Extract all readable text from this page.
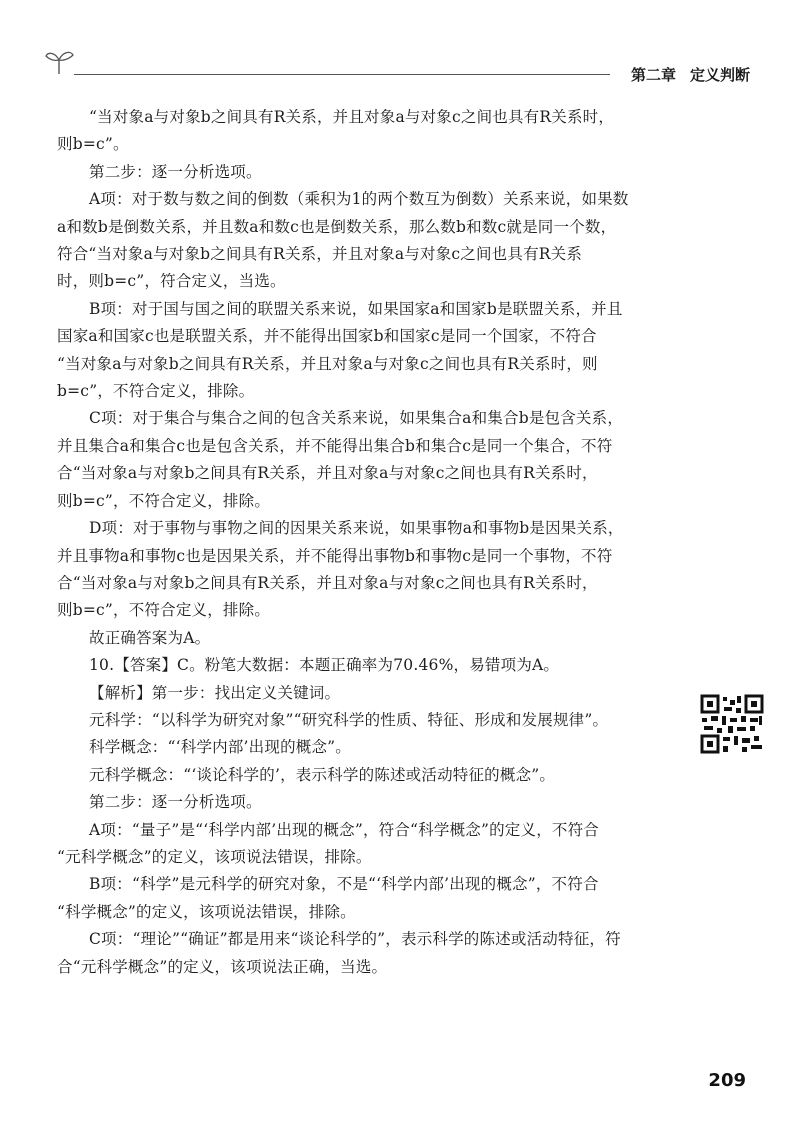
第二章 定义判断

“当对象a与对象b之间具有R关系，并且对象a与对象c之间也具有R关系时，

则b=c”。

第二步：逐一分析选项。

A项：对于数与数之间的倒数（乘积为1的两个数互为倒数）关系来说，如果数

a和数b是倒数关系，并且数a和数c也是倒数关系，那么数b和数c就是同一个数，

符合“当对象a与对象b之间具有R关系，并且对象a与对象c之间也具有R关系

时，则b=c”，符合定义，当选。

B项：对于国与国之间的联盟关系来说，如果国家a和国家b是联盟关系，并且

国家a和国家c也是联盟关系，并不能得出国家b和国家c是同一个国家，不符合

“当对象a与对象b之间具有R关系，并且对象a与对象c之间也具有R关系时，则

b=c”，不符合定义，排除。

C项：对于集合与集合之间的包含关系来说，如果集合a和集合b是包含关系，

并且集合a和集合c也是包含关系，并不能得出集合b和集合c是同一个集合，不符

合“当对象a与对象b之间具有R关系，并且对象a与对象c之间也具有R关系时，

则b=c”，不符合定义，排除。

D项：对于事物与事物之间的因果关系来说，如果事物a和事物b是因果关系，

并且事物a和事物c也是因果关系，并不能得出事物b和事物c是同一个事物，不符

合“当对象a与对象b之间具有R关系，并且对象a与对象c之间也具有R关系时，

则b=c”，不符合定义，排除。

故正确答案为A。

10.【答案】C。粉笔大数据：本题正确率为70.46%，易错项为A。

【解析】第一步：找出定义关键词。

元科学：“以科学为研究对象”“研究科学的性质、特征、形成和发展规律”。

科学概念：“‘科学内部’出现的概念”。

元科学概念：“‘谈论科学的’，表示科学的陈述或活动特征的概念”。

第二步：逐一分析选项。

A项：“量子”是“‘科学内部’出现的概念”，符合“科学概念”的定义，不符合

“元科学概念”的定义，该项说法错误，排除。

B项：“科学”是元科学的研究对象，不是“‘科学内部’出现的概念”，不符合

“科学概念”的定义，该项说法错误，排除。

C项：“理论”“确证”都是用来“谈论科学的”，表示科学的陈述或活动特征，符

合“元科学概念”的定义，该项说法正确，当选。

209
